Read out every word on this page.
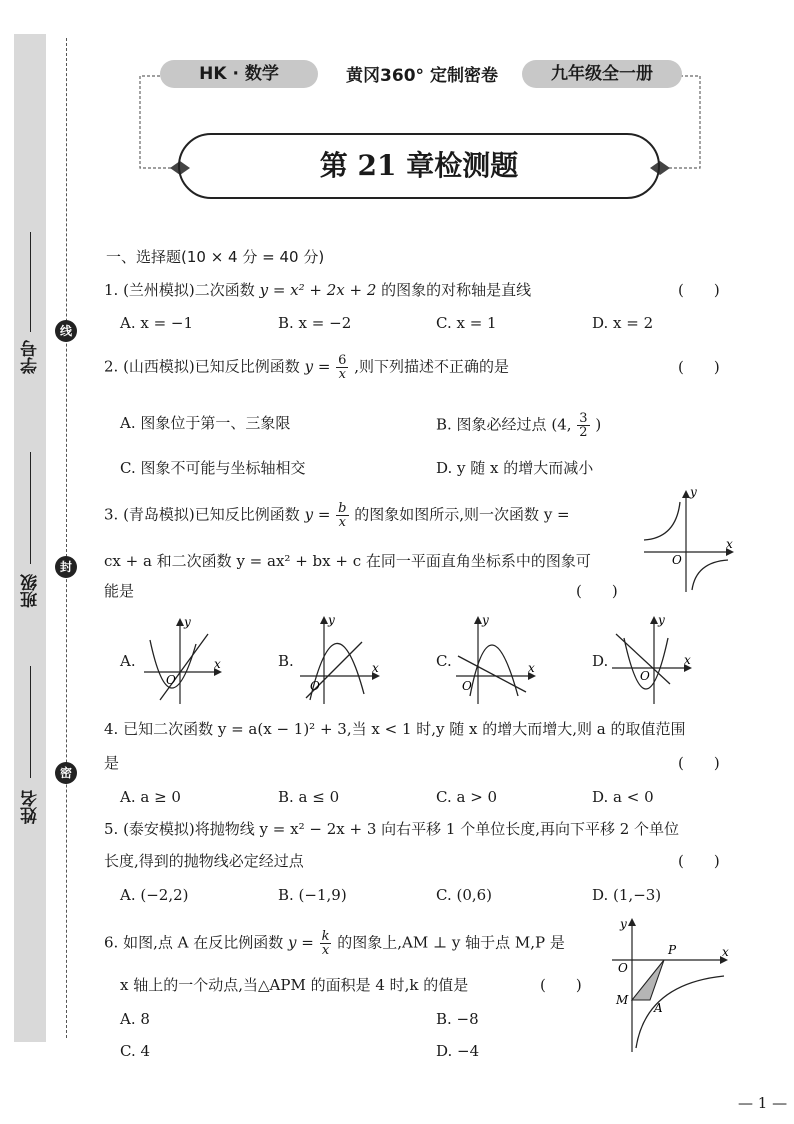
学号
班级
姓名
线
封
密
HK · 数学	黄冈360° 定制密卷	九年级全一册
第 21 章检测题
一、选择题(10 × 4 分 = 40 分)
1. (兰州模拟)二次函数 y = x² + 2x + 2 的图象的对称轴是直线	(　　)
A. x = −1	B. x = −2	C. x = 1	D. x = 2
2. (山西模拟)已知反比例函数 $y = \frac{6}{x}$ ,则下列描述不正确的是	(　　)
A. 图象位于第一、三象限	B. 图象必经过点 (4, $\frac{3}{2}$ )
C. 图象不可能与坐标轴相交	D. y 随 x 的增大而减小
3. (青岛模拟)已知反比例函数 $y = \frac{b}{x}$ 的图象如图所示,则一次函数 y =
cx + a 和二次函数 y = ax² + bx + c 在同一平面直角坐标系中的图象可
能是	(　　)
x
y
O
A.	x
y
O
B.	x
y
O
C.	x
y
O
D.	x
y
O
4. 已知二次函数 y = a(x − 1)² + 3,当 x < 1 时,y 随 x 的增大而增大,则 a 的取值范围
是	(　　)
A. a ≥ 0	B. a ≤ 0	C. a > 0	D. a < 0
5. (泰安模拟)将抛物线 y = x² − 2x + 3 向右平移 1 个单位长度,再向下平移 2 个单位
长度,得到的抛物线必定经过点	(　　)
A. (−2,2)	B. (−1,9)	C. (0,6)	D. (1,−3)
6. 如图,点 A 在反比例函数 $y = \frac{k}{x}$ 的图象上,AM ⊥ y 轴于点 M,P 是
x 轴上的一个动点,当△APM 的面积是 4 时,k 的值是	(　　)
A. 8	B. −8
C. 4	D. −4
x
y
O
P
M
A
— 1 —
